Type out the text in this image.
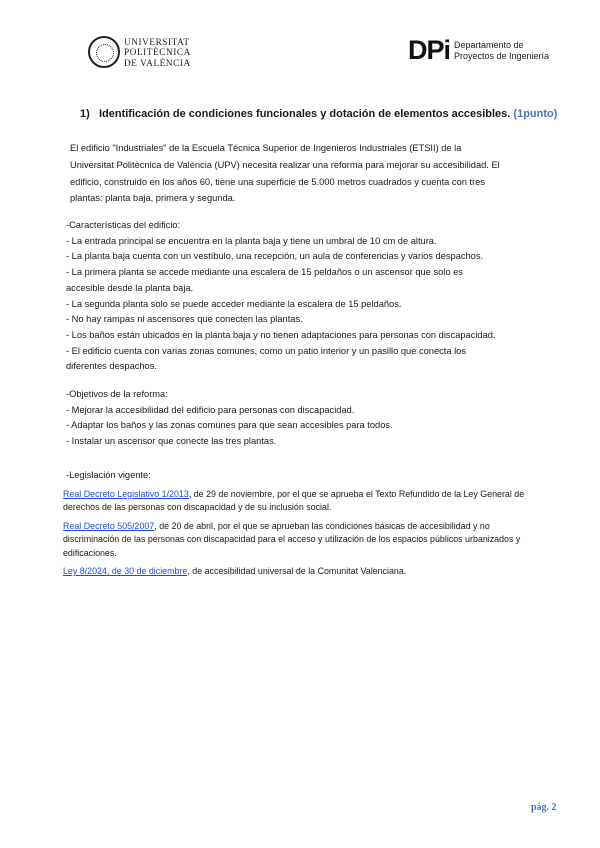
UNIVERSITAT
POLITÈCNICA
DE VALÈNCIA	DPi Departamento de
Proyectos de Ingeniería
1) Identificación de condiciones funcionales y dotación de elementos accesibles. (1punto)
El edificio "Industriales" de la Escuela Técnica Superior de Ingenieros Industriales (ETSII) de la
Universitat Politècnica de València (UPV) necesita realizar una reforma para mejorar su accesibilidad. El
edificio, construido en los años 60, tiene una superficie de 5.000 metros cuadrados y cuenta con tres
plantas: planta baja, primera y segunda.
-Características del edificio:
- La entrada principal se encuentra en la planta baja y tiene un umbral de 10 cm de altura.
- La planta baja cuenta con un vestíbulo, una recepción, un aula de conferencias y varios despachos.
- La primera planta se accede mediante una escalera de 15 peldaños o un ascensor que solo es
accesible desde la planta baja.
- La segunda planta solo se puede acceder mediante la escalera de 15 peldaños.
- No hay rampas ni ascensores que conecten las plantas.
- Los baños están ubicados en la planta baja y no tienen adaptaciones para personas con discapacidad.
- El edificio cuenta con varias zonas comunes, como un patio interior y un pasillo que conecta los
diferentes despachos.
-Objetivos de la reforma:
- Mejorar la accesibilidad del edificio para personas con discapacidad.
- Adaptar los baños y las zonas comunes para que sean accesibles para todos.
- Instalar un ascensor que conecte las tres plantas.
-Legislación vigente:
Real Decreto Legislativo 1/2013, de 29 de noviembre, por el que se aprueba el Texto Refundido de la Ley General de derechos de las personas con discapacidad y de su inclusión social.
Real Decreto 505/2007, de 20 de abril, por el que se aprueban las condiciones básicas de accesibilidad y no discriminación de las personas con discapacidad para el acceso y utilización de los espacios públicos urbanizados y edificaciones.
Ley 8/2024, de 30 de diciembre, de accesibilidad universal de la Comunitat Valenciana.
pág. 2
